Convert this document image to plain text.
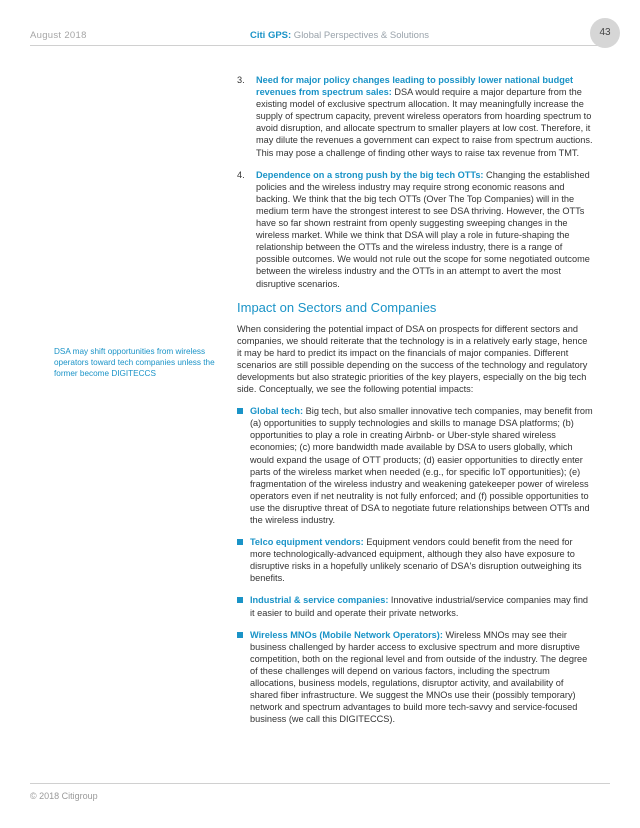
August 2018	Citi GPS: Global Perspectives & Solutions	43
DSA may shift opportunities from wireless operators toward tech companies unless the former become DIGITECCS
3. Need for major policy changes leading to possibly lower national budget revenues from spectrum sales: DSA would require a major departure from the existing model of exclusive spectrum allocation. It may meaningfully increase the supply of spectrum capacity, prevent wireless operators from hoarding spectrum to avoid disruption, and allocate spectrum to smaller players at low cost. Therefore, it may dilute the revenues a government can expect to raise from spectrum auctions. This may pose a challenge of finding other ways to raise tax revenue from TMT.
4. Dependence on a strong push by the big tech OTTs: Changing the established policies and the wireless industry may require strong economic reasons and backing. We think that the big tech OTTs (Over The Top Companies) will in the medium term have the strongest interest to see DSA thriving. However, the OTTs have so far shown restraint from openly suggesting sweeping changes in the wireless market. While we think that DSA will play a role in future-shaping the relationship between the OTTs and the wireless industry, there is a range of possible outcomes. We would not rule out the scope for some negotiated outcome between the wireless industry and the OTTs in an attempt to avert the most disruptive scenarios.
Impact on Sectors and Companies

When considering the potential impact of DSA on prospects for different sectors and companies, we should reiterate that the technology is in a relatively early stage, hence it may be hard to predict its impact on the financials of major companies. Different scenarios are still possible depending on the success of the technology and regulatory developments but also strategic priorities of the key players, especially on the big tech side. Conceptually, we see the following potential impacts:

Global tech: Big tech, but also smaller innovative tech companies, may benefit from (a) opportunities to supply technologies and skills to manage DSA platforms; (b) opportunities to play a role in creating Airbnb- or Uber-style shared wireless economies; (c) more bandwidth made available by DSA to users globally, which would expand the usage of OTT products; (d) easier opportunities to directly enter parts of the wireless market when needed (e.g., for specific IoT opportunities); (e) fragmentation of the wireless industry and weakening gatekeeper power of wireless operators even if net neutrality is not fully enforced; and (f) possible opportunities to use the disruptive threat of DSA to negotiate future relationships between OTTs and the wireless industry.
Telco equipment vendors: Equipment vendors could benefit from the need for more technologically-advanced equipment, although they also have exposure to disruptive risks in a hopefully unlikely scenario of DSA's disruption outweighing its benefits.
Industrial & service companies: Innovative industrial/service companies may find it easier to build and operate their private networks.
Wireless MNOs (Mobile Network Operators): Wireless MNOs may see their business challenged by harder access to exclusive spectrum and more disruptive competition, both on the regional level and from outside of the industry. The degree of these challenges will depend on various factors, including the spectrum allocations, business models, regulations, disruptor activity, and availability of shared fiber infrastructure. We suggest the MNOs use their (possibly temporary) network and spectrum advantages to build more tech-savvy and service-focused business (we call this DIGITECCS).
© 2018 Citigroup
